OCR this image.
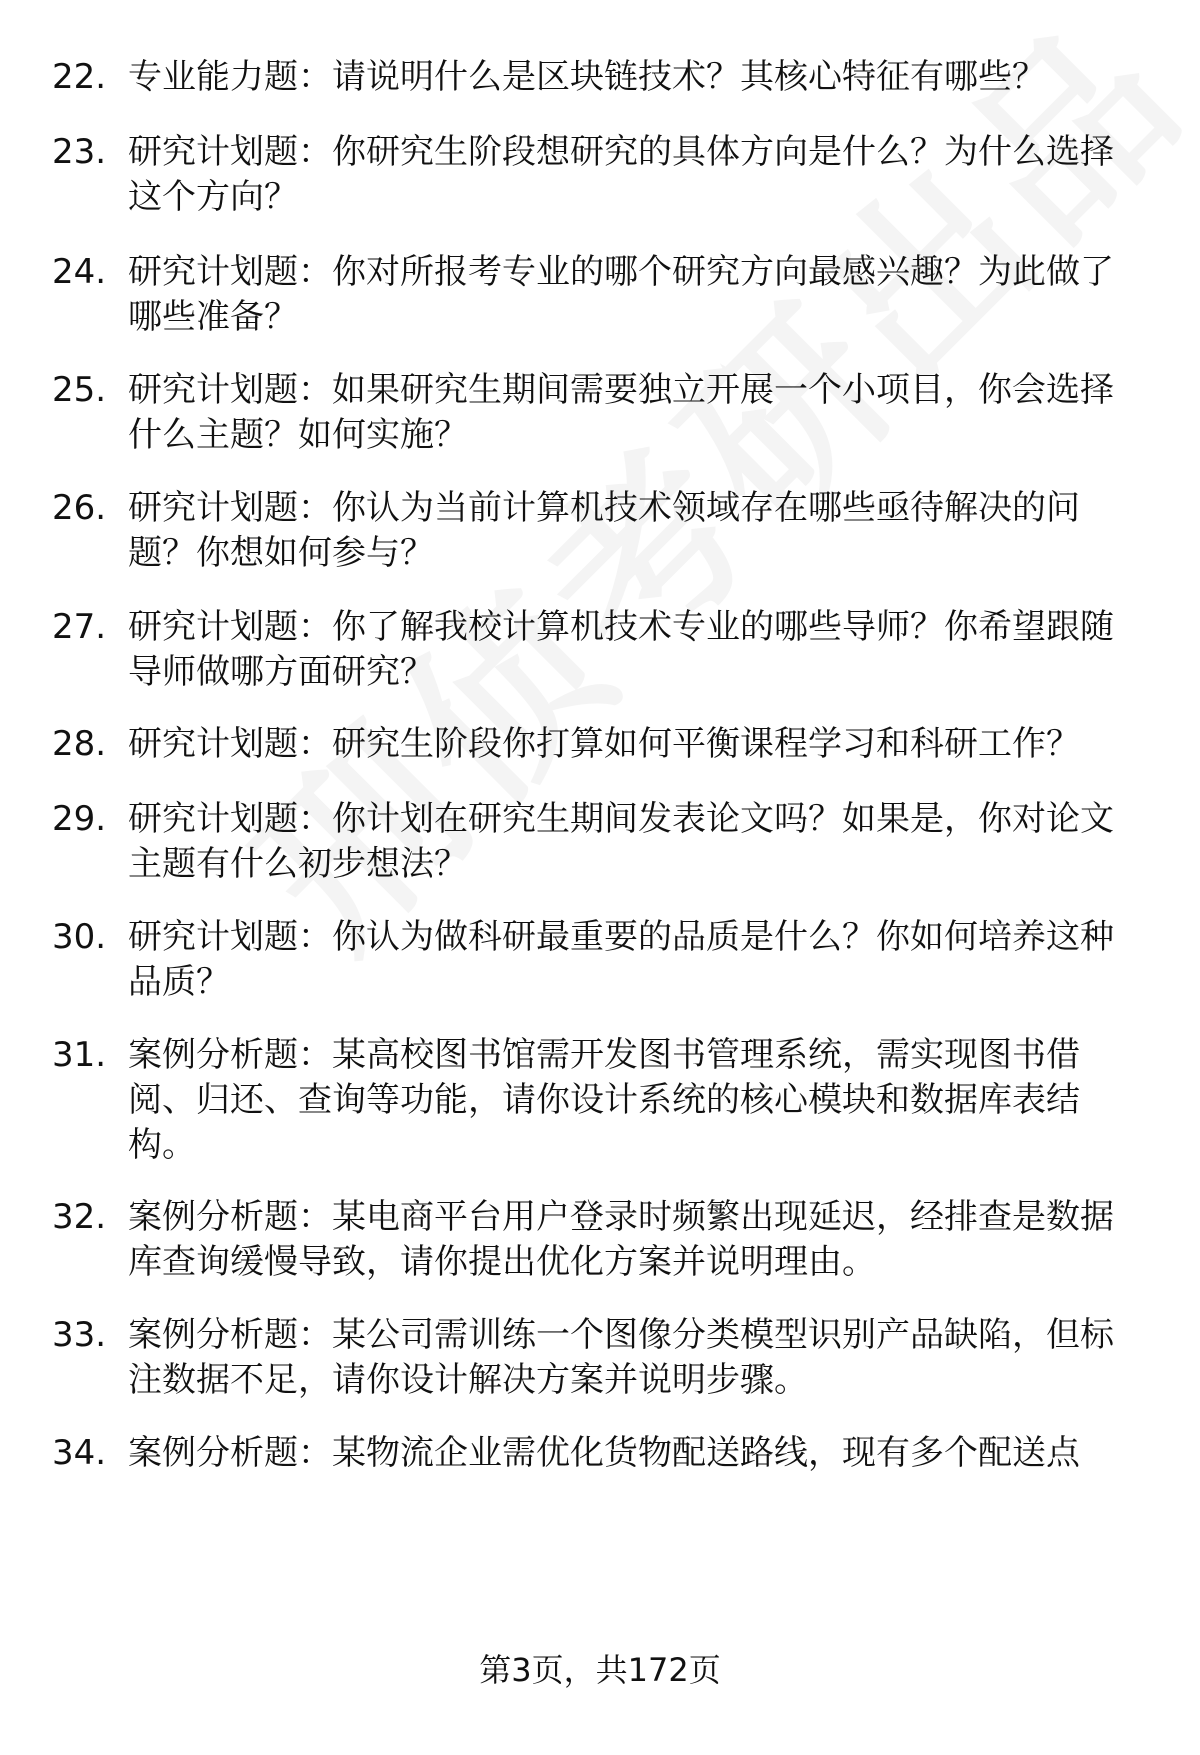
22. 专业能力题：请说明什么是区块链技术？其核心特征有哪些？
23. 研究计划题：你研究生阶段想研究的具体方向是什么？为什么选择这个方向？
24. 研究计划题：你对所报考专业的哪个研究方向最感兴趣？为此做了哪些准备？
25. 研究计划题：如果研究生期间需要独立开展一个小项目，你会选择什么主题？如何实施？
26. 研究计划题：你认为当前计算机技术领域存在哪些亟待解决的问题？你想如何参与？
27. 研究计划题：你了解我校计算机技术专业的哪些导师？你希望跟随导师做哪方面研究？
28. 研究计划题：研究生阶段你打算如何平衡课程学习和科研工作？
29. 研究计划题：你计划在研究生期间发表论文吗？如果是，你对论文主题有什么初步想法？
30. 研究计划题：你认为做科研最重要的品质是什么？你如何培养这种品质？
31. 案例分析题：某高校图书馆需开发图书管理系统，需实现图书借阅、归还、查询等功能，请你设计系统的核心模块和数据库表结构。
32. 案例分析题：某电商平台用户登录时频繁出现延迟，经排查是数据库查询缓慢导致，请你提出优化方案并说明理由。
33. 案例分析题：某公司需训练一个图像分类模型识别产品缺陷，但标注数据不足，请你设计解决方案并说明步骤。
34. 案例分析题：某物流企业需优化货物配送路线，现有多个配送点
第3页，共172页
